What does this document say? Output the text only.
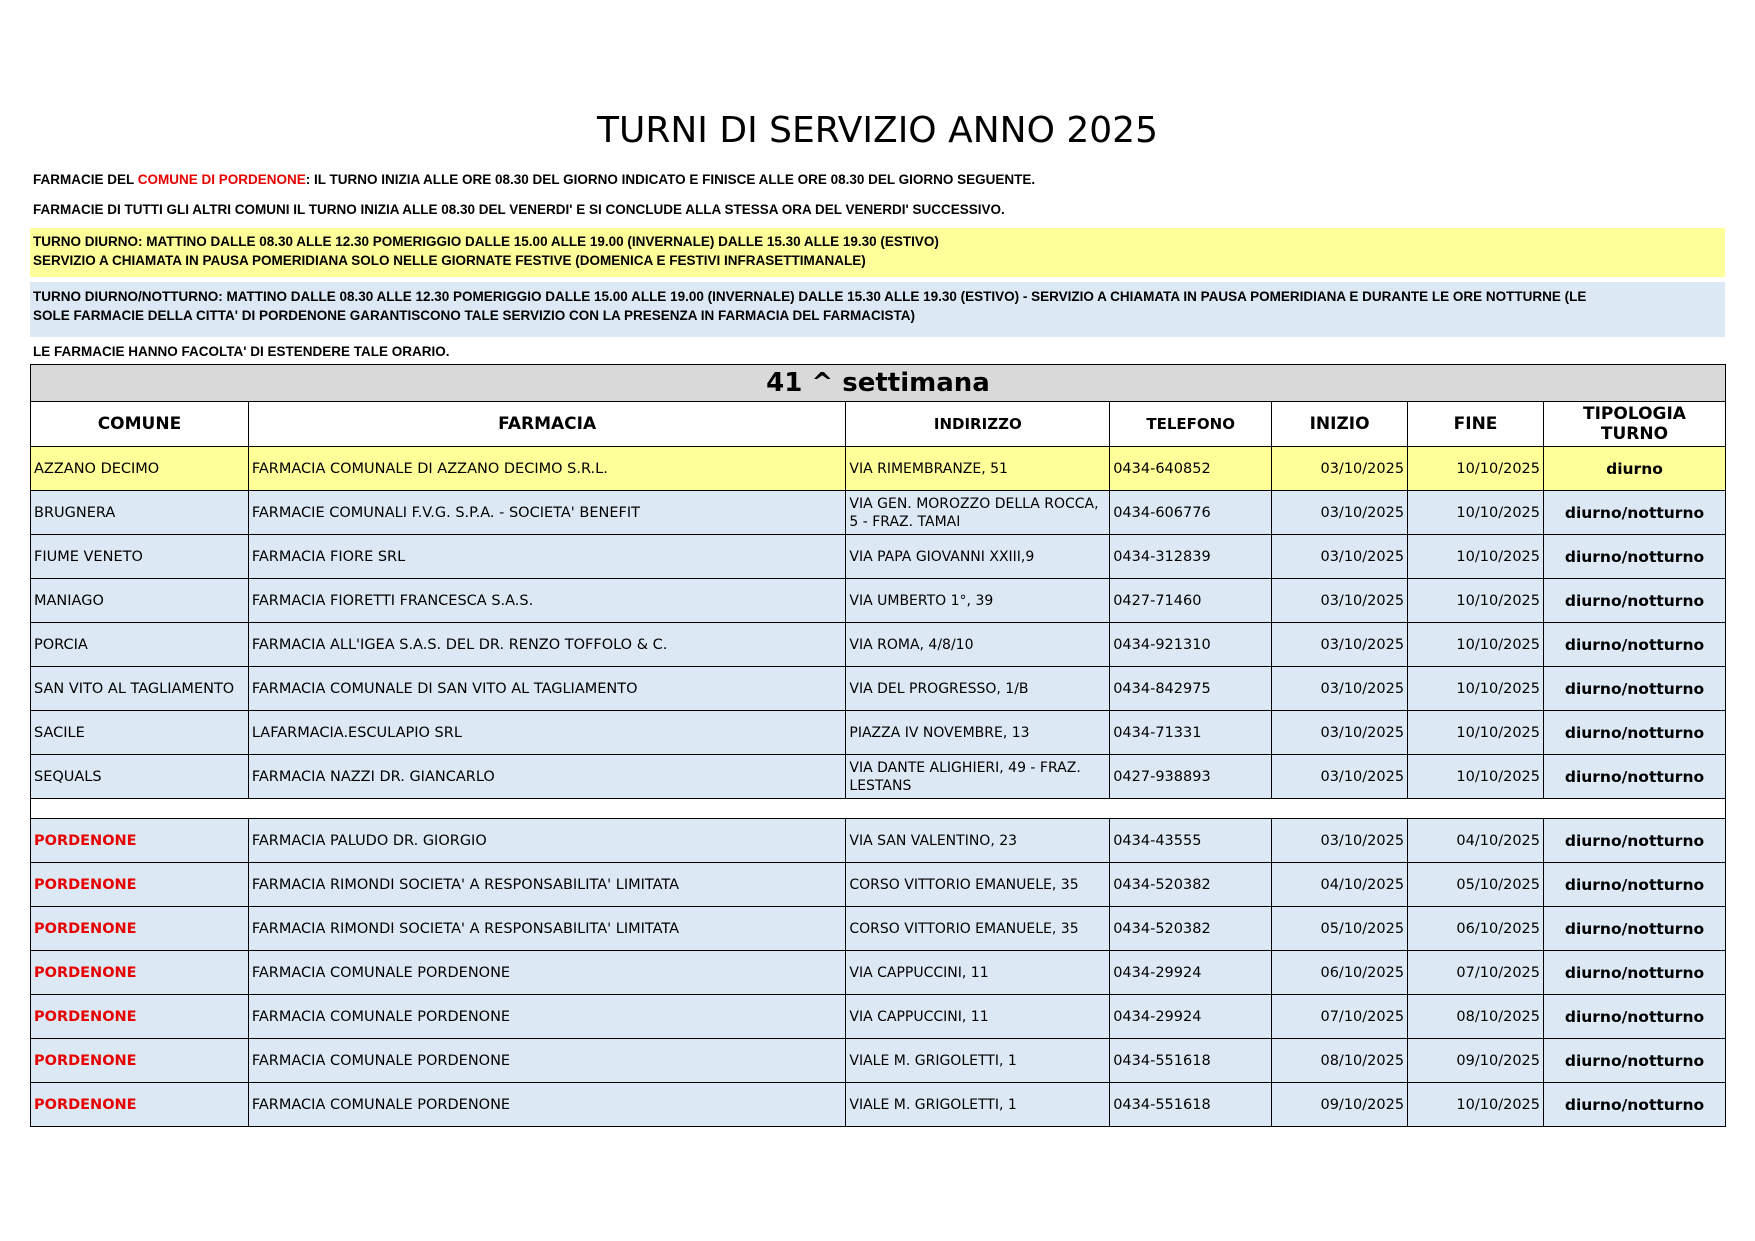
TURNI DI SERVIZIO ANNO 2025
FARMACIE DEL COMUNE DI PORDENONE: IL TURNO INIZIA ALLE ORE 08.30 DEL GIORNO INDICATO E FINISCE ALLE ORE 08.30 DEL GIORNO SEGUENTE.
FARMACIE DI TUTTI GLI ALTRI COMUNI IL TURNO INIZIA ALLE 08.30 DEL VENERDI' E SI CONCLUDE ALLA STESSA ORA DEL VENERDI' SUCCESSIVO.
TURNO DIURNO: MATTINO DALLE 08.30 ALLE 12.30 POMERIGGIO DALLE 15.00 ALLE 19.00 (INVERNALE) DALLE 15.30 ALLE 19.30 (ESTIVO)
SERVIZIO A CHIAMATA IN PAUSA POMERIDIANA SOLO NELLE GIORNATE FESTIVE (DOMENICA E FESTIVI INFRASETTIMANALE)
TURNO DIURNO/NOTTURNO: MATTINO DALLE 08.30 ALLE 12.30 POMERIGGIO DALLE 15.00 ALLE 19.00 (INVERNALE) DALLE 15.30 ALLE 19.30 (ESTIVO) - SERVIZIO A CHIAMATA IN PAUSA POMERIDIANA E DURANTE LE ORE NOTTURNE (LE
SOLE FARMACIE DELLA CITTA' DI PORDENONE GARANTISCONO TALE SERVIZIO CON LA PRESENZA IN FARMACIA DEL FARMACISTA)
LE FARMACIE HANNO FACOLTA' DI ESTENDERE TALE ORARIO.
41 ^ settimana						
COMUNE	FARMACIA	INDIRIZZO	TELEFONO	INIZIO	FINE	TIPOLOGIA TURNO
AZZANO DECIMO	FARMACIA COMUNALE DI AZZANO DECIMO S.R.L.	VIA RIMEMBRANZE, 51	0434-640852	03/10/2025	10/10/2025	diurno
BRUGNERA	FARMACIE COMUNALI F.V.G. S.P.A. - SOCIETA' BENEFIT	VIA GEN. MOROZZO DELLA ROCCA, 5 - FRAZ. TAMAI	0434-606776	03/10/2025	10/10/2025	diurno/notturno
FIUME VENETO	FARMACIA FIORE SRL	VIA PAPA GIOVANNI XXIII,9	0434-312839	03/10/2025	10/10/2025	diurno/notturno
MANIAGO	FARMACIA FIORETTI FRANCESCA S.A.S.	VIA UMBERTO 1°, 39	0427-71460	03/10/2025	10/10/2025	diurno/notturno
PORCIA	FARMACIA ALL'IGEA S.A.S. DEL DR. RENZO TOFFOLO & C.	VIA ROMA, 4/8/10	0434-921310	03/10/2025	10/10/2025	diurno/notturno
SAN VITO AL TAGLIAMENTO	FARMACIA COMUNALE DI SAN VITO AL TAGLIAMENTO	VIA DEL PROGRESSO, 1/B	0434-842975	03/10/2025	10/10/2025	diurno/notturno
SACILE	LAFARMACIA.ESCULAPIO SRL	PIAZZA IV NOVEMBRE, 13	0434-71331	03/10/2025	10/10/2025	diurno/notturno
SEQUALS	FARMACIA NAZZI DR. GIANCARLO	VIA DANTE ALIGHIERI, 49 - FRAZ. LESTANS	0427-938893	03/10/2025	10/10/2025	diurno/notturno

PORDENONE	FARMACIA PALUDO DR. GIORGIO	VIA SAN VALENTINO, 23	0434-43555	03/10/2025	04/10/2025	diurno/notturno
PORDENONE	FARMACIA RIMONDI SOCIETA' A RESPONSABILITA' LIMITATA	CORSO VITTORIO EMANUELE, 35	0434-520382	04/10/2025	05/10/2025	diurno/notturno
PORDENONE	FARMACIA RIMONDI SOCIETA' A RESPONSABILITA' LIMITATA	CORSO VITTORIO EMANUELE, 35	0434-520382	05/10/2025	06/10/2025	diurno/notturno
PORDENONE	FARMACIA COMUNALE PORDENONE	VIA CAPPUCCINI, 11	0434-29924	06/10/2025	07/10/2025	diurno/notturno
PORDENONE	FARMACIA COMUNALE PORDENONE	VIA CAPPUCCINI, 11	0434-29924	07/10/2025	08/10/2025	diurno/notturno
PORDENONE	FARMACIA COMUNALE PORDENONE	VIALE M. GRIGOLETTI, 1	0434-551618	08/10/2025	09/10/2025	diurno/notturno
PORDENONE	FARMACIA COMUNALE PORDENONE	VIALE M. GRIGOLETTI, 1	0434-551618	09/10/2025	10/10/2025	diurno/notturno
